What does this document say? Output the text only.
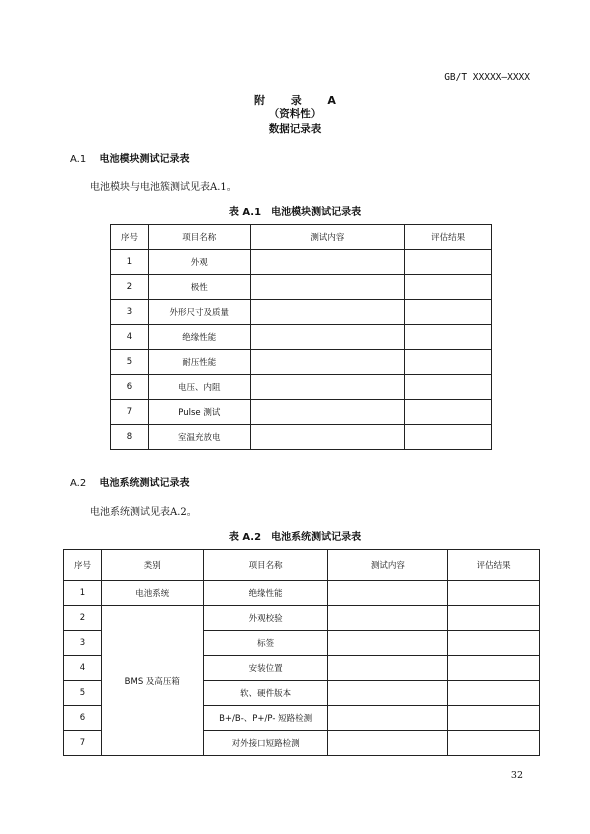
GB/T XXXXX—XXXX
附 录 A
（资料性）
数据记录表
A.1 电池模块测试记录表
电池模块与电池簇测试见表A.1。
表 A.1　电池模块测试记录表
序号	项目名称	测试内容	评估结果
1	外观		
2	极性		
3	外形尺寸及质量		
4	绝缘性能		
5	耐压性能		
6	电压、内阻		
7	Pulse 测试		
8	室温充放电		
A.2 电池系统测试记录表
电池系统测试见表A.2。
表 A.2　电池系统测试记录表
序号	类别	项目名称	测试内容	评估结果
1	电池系统	绝缘性能		
2	BMS 及高压箱	外观校验		
3		标签		
4		安装位置		
5		软、硬件版本		
6		B+/B-、P+/P- 短路检测		
7		对外接口短路检测		
32
